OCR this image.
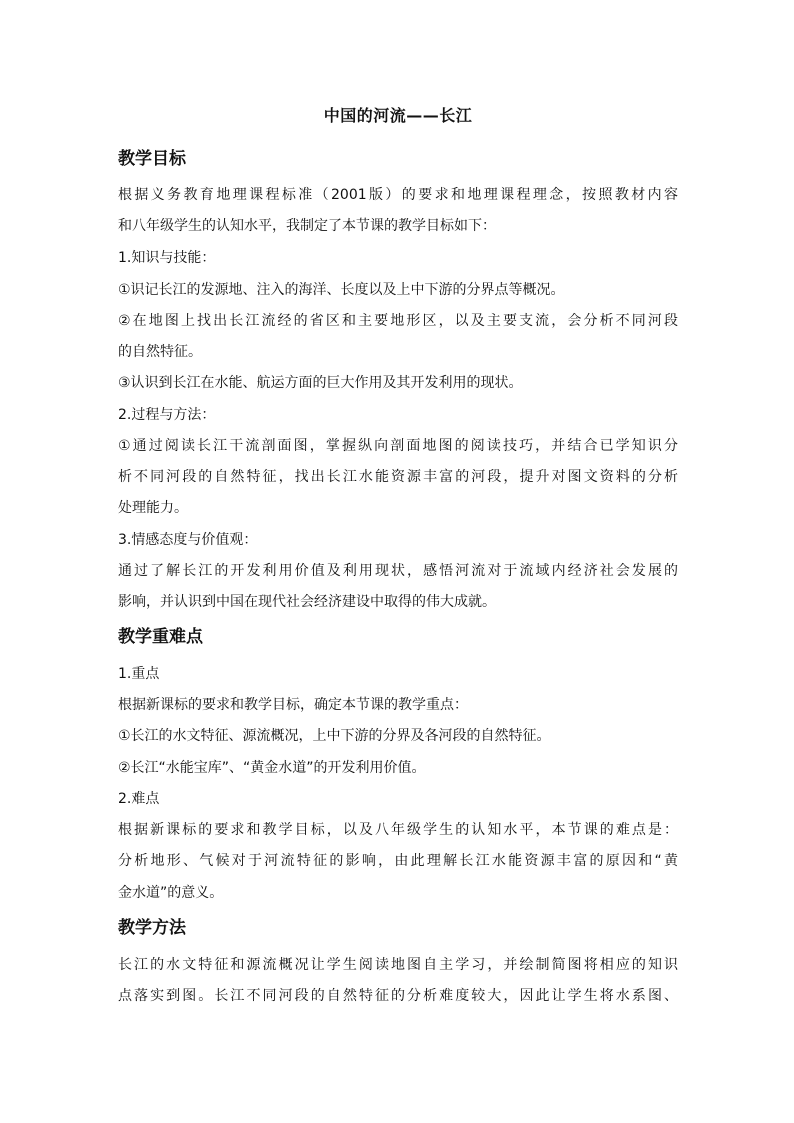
中国的河流——长江
教学目标
根据义务教育地理课程标准（2001版）的要求和地理课程理念，按照教材内容
和八年级学生的认知水平，我制定了本节课的教学目标如下：
1.知识与技能：
①识记长江的发源地、注入的海洋、长度以及上中下游的分界点等概况。
②在地图上找出长江流经的省区和主要地形区，以及主要支流，会分析不同河段
的自然特征。
③认识到长江在水能、航运方面的巨大作用及其开发利用的现状。
2.过程与方法：
①通过阅读长江干流剖面图，掌握纵向剖面地图的阅读技巧，并结合已学知识分
析不同河段的自然特征，找出长江水能资源丰富的河段，提升对图文资料的分析
处理能力。
3.情感态度与价值观：
通过了解长江的开发利用价值及利用现状，感悟河流对于流域内经济社会发展的
影响，并认识到中国在现代社会经济建设中取得的伟大成就。
教学重难点
1.重点
根据新课标的要求和教学目标，确定本节课的教学重点：
①长江的水文特征、源流概况，上中下游的分界及各河段的自然特征。
②长江“水能宝库”、“黄金水道”的开发利用价值。
2.难点
根据新课标的要求和教学目标，以及八年级学生的认知水平，本节课的难点是：
分析地形、气候对于河流特征的影响，由此理解长江水能资源丰富的原因和“黄
金水道”的意义。
教学方法
长江的水文特征和源流概况让学生阅读地图自主学习，并绘制简图将相应的知识
点落实到图。长江不同河段的自然特征的分析难度较大，因此让学生将水系图、
